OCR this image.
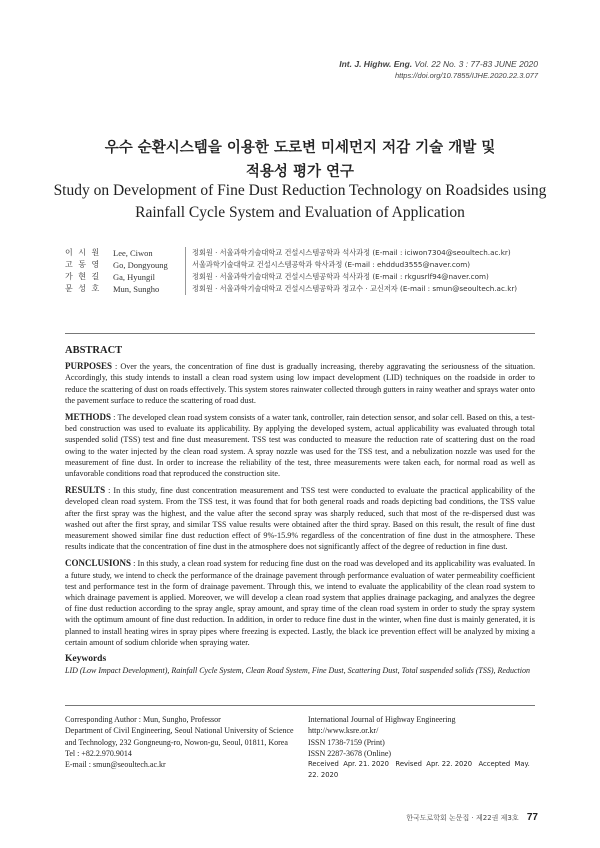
Int. J. Highw. Eng. Vol. 22 No. 3 : 77-83 JUNE 2020
https://doi.org/10.7855/IJHE.2020.22.3.077
우수 순환시스템을 이용한 도로변 미세먼지 저감 기술 개발 및
적용성 평가 연구
Study on Development of Fine Dust Reduction Technology on Roadsides using
Rainfall Cycle System and Evaluation of Application
이 시 원	Lee, Ciwon	정회원 · 서울과학기술대학교 건설시스템공학과 석사과정 (E-mail : iciwon7304@seoultech.ac.kr)
고 동 영	Go, Dongyoung	서울과학기술대학교 건설시스템공학과 학사과정 (E-mail : ehddud3555@naver.com)
가 현 길	Ga, Hyungil	정회원 · 서울과학기술대학교 건설시스템공학과 석사과정 (E-mail : rkgusrlf94@naver.com)
문 성 호	Mun, Sungho	정회원 · 서울과학기술대학교 건설시스템공학과 정교수 · 교신저자 (E-mail : smun@seoultech.ac.kr)
ABSTRACT

PURPOSES : Over the years, the concentration of fine dust is gradually increasing, thereby aggravating the seriousness of the situation. Accordingly, this study intends to install a clean road system using low impact development (LID) techniques on the roadside in order to reduce the scattering of dust on roads effectively. This system stores rainwater collected through gutters in rainy weather and sprays water onto the pavement surface to reduce the scattering of road dust.

METHODS : The developed clean road system consists of a water tank, controller, rain detection sensor, and solar cell. Based on this, a test-bed construction was used to evaluate its applicability. By applying the developed system, actual applicability was evaluated through total suspended solid (TSS) test and fine dust measurement. TSS test was conducted to measure the reduction rate of scattering dust on the road owing to the water injected by the clean road system. A spray nozzle was used for the TSS test, and a nebulization nozzle was used for the measurement of fine dust. In order to increase the reliability of the test, three measurements were taken each, for normal road as well as unfavorable conditions road that reproduced the construction site.

RESULTS : In this study, fine dust concentration measurement and TSS test were conducted to evaluate the practical applicability of the developed clean road system. From the TSS test, it was found that for both general roads and roads depicting bad conditions, the TSS value after the first spray was the highest, and the value after the second spray was sharply reduced, such that most of the re-dispersed dust was washed out after the first spray, and similar TSS value results were obtained after the third spray. Based on this result, the result of fine dust measurement showed similar fine dust reduction effect of 9%-15.9% regardless of the concentration of fine dust in the atmosphere. These results indicate that the concentration of fine dust in the atmosphere does not significantly affect of the degree of reduction in fine dust.

CONCLUSIONS : In this study, a clean road system for reducing fine dust on the road was developed and its applicability was evaluated. In a future study, we intend to check the performance of the drainage pavement through performance evaluation of water permeability coefficient test and performance test in the form of drainage pavement. Through this, we intend to evaluate the applicability of the clean road system to which drainage pavement is applied. Moreover, we will develop a clean road system that applies drainage packaging, and analyzes the degree of fine dust reduction according to the spray angle, spray amount, and spray time of the clean road system in order to study the spray system with the optimum amount of fine dust reduction. In addition, in order to reduce fine dust in the winter, when fine dust is mainly generated, it is planned to install heating wires in spray pipes where freezing is expected. Lastly, the black ice prevention effect will be analyzed by mixing a certain amount of sodium chloride when spraying water.

Keywords
LID (Low Impact Development), Rainfall Cycle System, Clean Road System, Fine Dust, Scattering Dust, Total suspended solids (TSS), Reduction
Corresponding Author : Mun, Sungho, Professor
Department of Civil Engineering, Seoul National University of Science
and Technology, 232 Gongneung-ro, Nowon-gu, Seoul, 01811, Korea
Tel : +82.2.970.9014
E-mail : smun@seoultech.ac.kr
International Journal of Highway Engineering
http://www.ksre.or.kr/
ISSN 1738-7159 (Print)
ISSN 2287-3678 (Online)
Received Apr. 21. 2020 Revised Apr. 22. 2020 Accepted May. 22. 2020
한국도로학회 논문집 · 제22권 제3호 77
